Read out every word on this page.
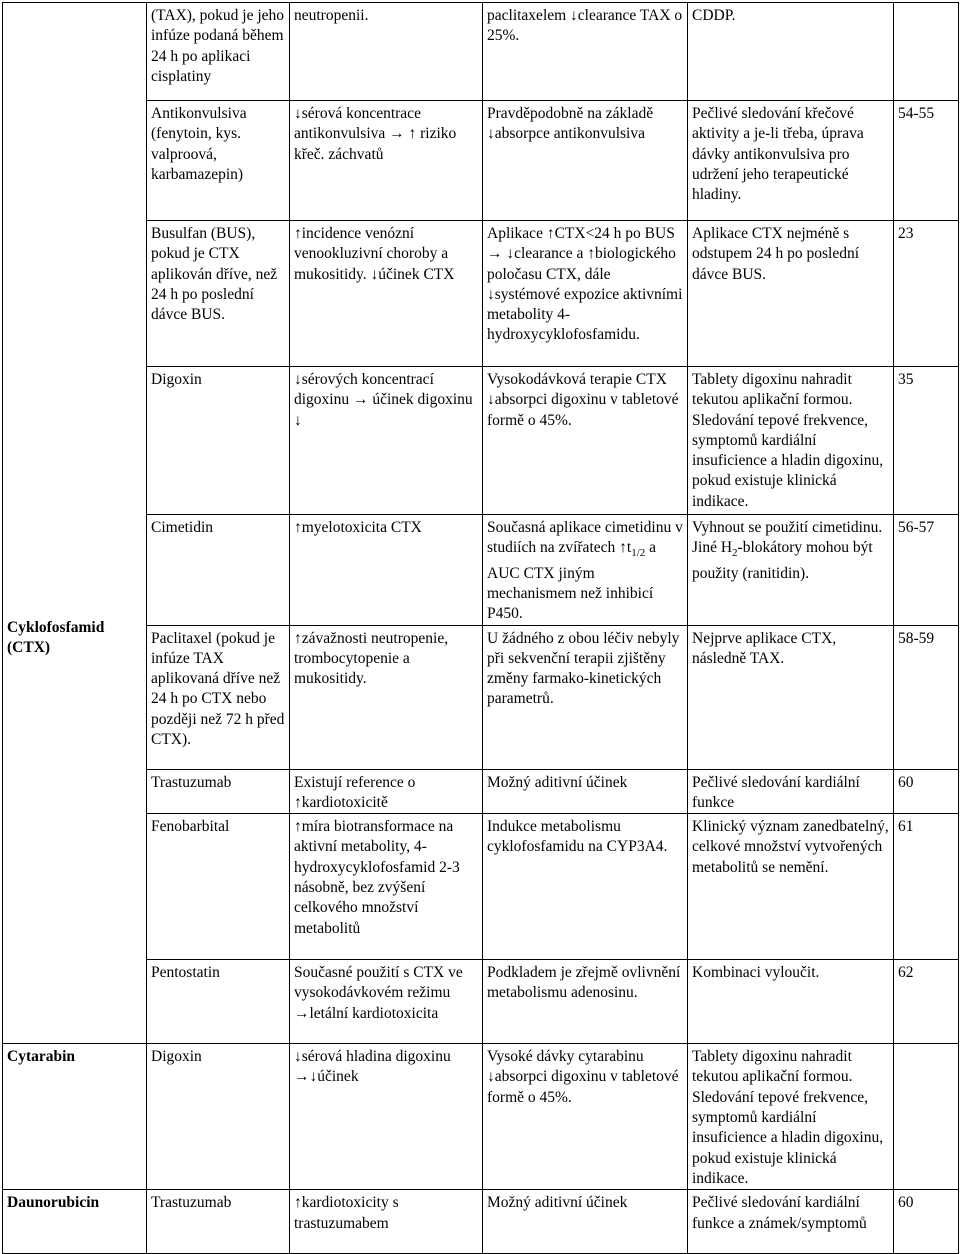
Cyklofosfamid (CTX)	(TAX), pokud je jeho infúze podaná během 24 h po aplikaci cisplatiny	neutropenii.	paclitaxelem ↓clearance TAX o 25%.	CDDP.	
	Antikonvulsiva (fenytoin, kys. valproová, karbamazepin)	↓sérová koncentrace antikonvulsiva → ↑ riziko křeč. záchvatů	Pravděpodobně na základě ↓absorpce antikonvulsiva	Pečlivé sledování křečové aktivity a je-li třeba, úprava dávky antikonvulsiva pro udržení jeho terapeutické hladiny.	54-55
	Busulfan (BUS), pokud je CTX aplikován dříve, než 24 h po poslední dávce BUS.	↑incidence venózní venookluzivní choroby a mukositidy. ↓účinek CTX	Aplikace ↑CTX<24 h po BUS → ↓clearance a ↑biologického poločasu CTX, dále ↓systémové expozice aktivními metabolity 4-hydroxycyklofosfamidu.	Aplikace CTX nejméně s odstupem 24 h po poslední dávce BUS.	23
	Digoxin	↓sérových koncentrací digoxinu → účinek digoxinu ↓	Vysokodávková terapie CTX ↓absorpci digoxinu v tabletové formě o 45%.	Tablety digoxinu nahradit tekutou aplikační formou. Sledování tepové frekvence, symptomů kardiální insuficience a hladin digoxinu, pokud existuje klinická indikace.	35
	Cimetidin	↑myelotoxicita CTX	Současná aplikace cimetidinu v studiích na zvířatech $↑t_{1/2}$ a AUC CTX jiným mechanismem než inhibicí P450.	Vyhnout se použití cimetidinu. Jiné $H_2$-blokátory mohou být použity (ranitidin).	56-57
	Paclitaxel (pokud je infúze TAX aplikovaná dříve než 24 h po CTX nebo později než 72 h před CTX).	↑závažnosti neutropenie, trombocytopenie a mukositidy.	U žádného z obou léčiv nebyly při sekvenční terapii zjištěny změny farmako-kinetických parametrů.	Nejprve aplikace CTX, následně TAX.	58-59
	Trastuzumab	Existují reference o ↑kardiotoxicitě	Možný aditivní účinek	Pečlivé sledování kardiální funkce	60
	Fenobarbital	↑míra biotransformace na aktivní metabolity, 4-hydroxycyklofosfamid 2-3 násobně, bez zvýšení celkového množství metabolitů	Indukce metabolismu cyklofosfamidu na CYP3A4.	Klinický význam zanedbatelný, celkové množství vytvořených metabolitů se nemění.	61
	Pentostatin	Současné použití s CTX ve vysokodávkovém režimu →letální kardiotoxicita	Podkladem je zřejmě ovlivnění metabolismu adenosinu.	Kombinaci vyloučit.	62
Cytarabin	Digoxin	↓sérová hladina digoxinu →↓účinek	Vysoké dávky cytarabinu ↓absorpci digoxinu v tabletové formě o 45%.	Tablety digoxinu nahradit tekutou aplikační formou. Sledování tepové frekvence, symptomů kardiální insuficience a hladin digoxinu, pokud existuje klinická indikace.	
Daunorubicin	Trastuzumab	↑kardiotoxicity s trastuzumabem	Možný aditivní účinek	Pečlivé sledování kardiální funkce a známek/symptomů	60
